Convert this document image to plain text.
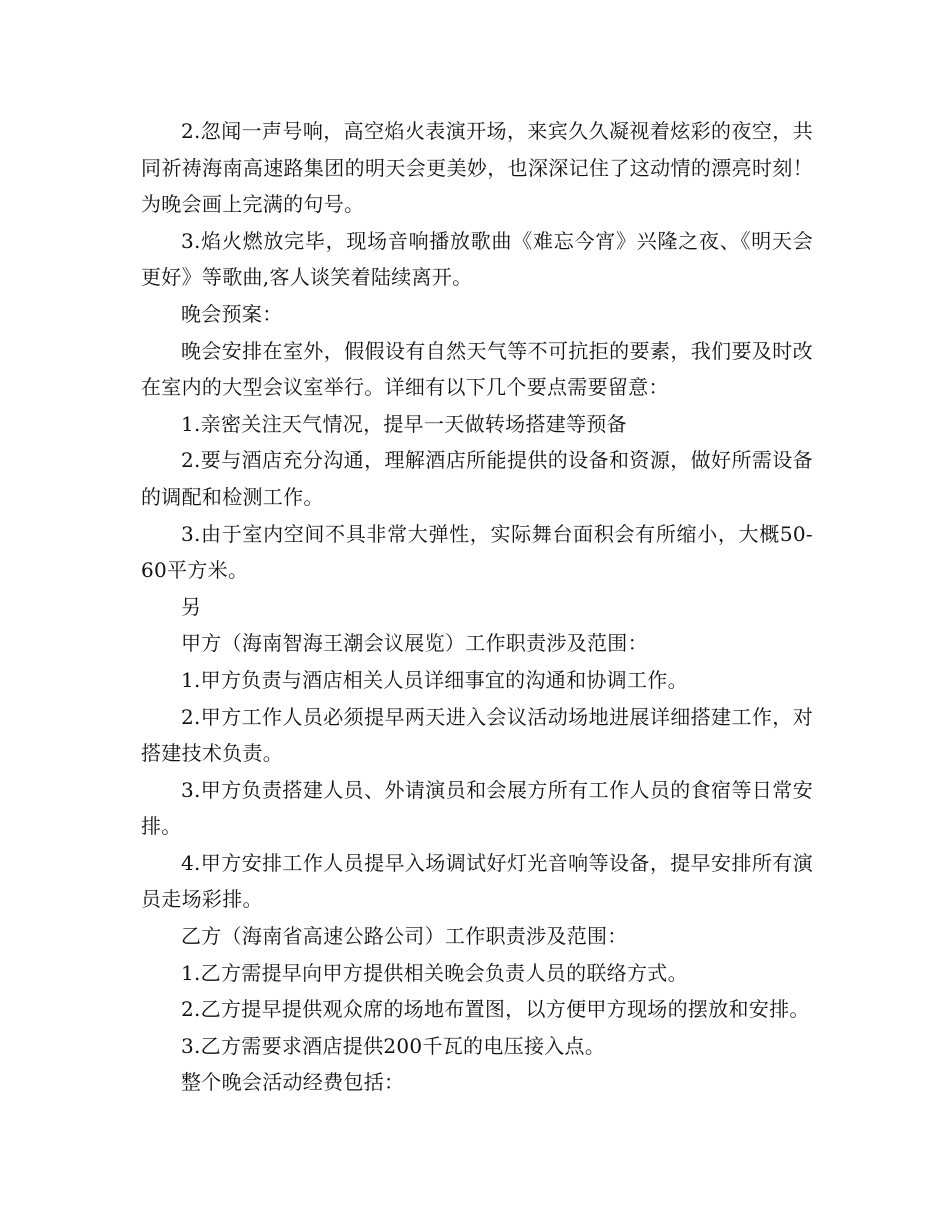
2.忽闻一声号响，高空焰火表演开场，来宾久久凝视着炫彩的夜空，共同祈祷海南高速路集团的明天会更美妙，也深深记住了这动情的漂亮时刻！为晚会画上完满的句号。

3.焰火燃放完毕，现场音响播放歌曲《难忘今宵》兴隆之夜、《明天会更好》等歌曲,客人谈笑着陆续离开。

晚会预案：

晚会安排在室外，假假设有自然天气等不可抗拒的要素，我们要及时改在室内的大型会议室举行。详细有以下几个要点需要留意：

1.亲密关注天气情况，提早一天做转场搭建等预备

2.要与酒店充分沟通，理解酒店所能提供的设备和资源，做好所需设备的调配和检测工作。

3.由于室内空间不具非常大弹性，实际舞台面积会有所缩小，大概50-60平方米。

另

甲方（海南智海王潮会议展览）工作职责涉及范围：

1.甲方负责与酒店相关人员详细事宜的沟通和协调工作。

2.甲方工作人员必须提早两天进入会议活动场地进展详细搭建工作，对搭建技术负责。

3.甲方负责搭建人员、外请演员和会展方所有工作人员的食宿等日常安排。

4.甲方安排工作人员提早入场调试好灯光音响等设备，提早安排所有演员走场彩排。

乙方（海南省高速公路公司）工作职责涉及范围：

1.乙方需提早向甲方提供相关晚会负责人员的联络方式。

2.乙方提早提供观众席的场地布置图，以方便甲方现场的摆放和安排。

3.乙方需要求酒店提供200千瓦的电压接入点。

整个晚会活动经费包括：
